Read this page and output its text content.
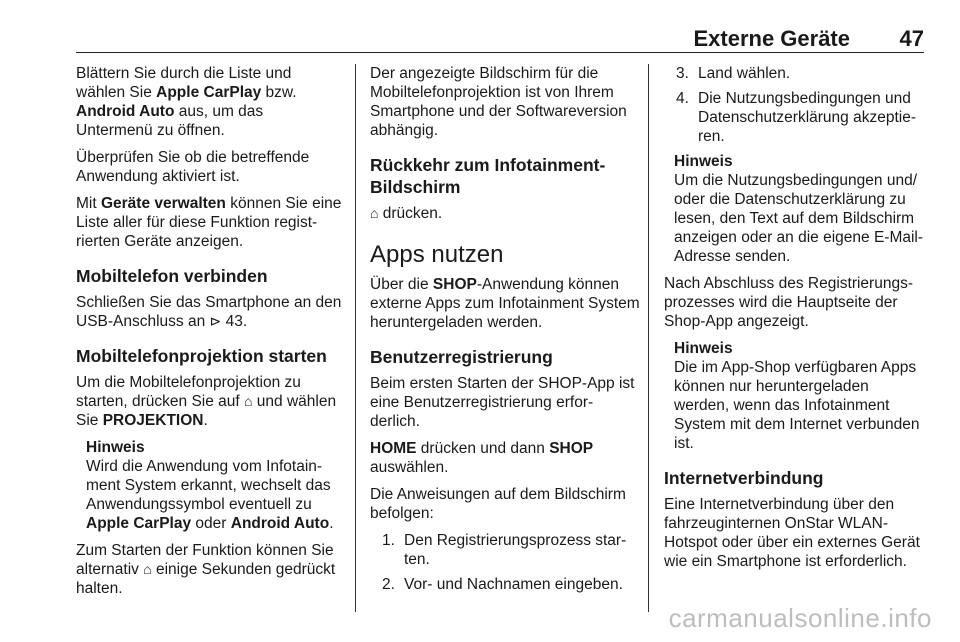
Externe Geräte 47

Blättern Sie durch die Liste und wählen Sie Apple CarPlay bzw. Android Auto aus, um das Untermenü zu öffnen.

Überprüfen Sie ob die betreffende Anwendung aktiviert ist.

Mit Geräte verwalten können Sie eine Liste aller für diese Funktion regist-rierten Geräte anzeigen.

Mobiltelefon verbinden

Schließen Sie das Smartphone an den USB-Anschluss an ⊳ 43.

Mobiltelefonprojektion starten

Um die Mobiltelefonprojektion zu starten, drücken Sie auf ⌂ und wählen Sie PROJEKTION.

Hinweis
Wird die Anwendung vom Infotain-ment System erkannt, wechselt das Anwendungssymbol eventuell zu Apple CarPlay oder Android Auto.

Zum Starten der Funktion können Sie alternativ ⌂ einige Sekunden gedrückt halten.

Der angezeigte Bildschirm für die Mobiltelefonprojektion ist von Ihrem Smartphone und der Softwareversion abhängig.

Rückkehr zum Infotainment-Bildschirm

⌂ drücken.

Apps nutzen

Über die SHOP-Anwendung können externe Apps zum Infotainment System heruntergeladen werden.

Benutzerregistrierung

Beim ersten Starten der SHOP-App ist eine Benutzerregistrierung erfor-derlich.

HOME drücken und dann SHOP auswählen.

Die Anweisungen auf dem Bildschirm befolgen:

1. Den Registrierungsprozess star-ten.
2. Vor- und Nachnamen eingeben.
3. Land wählen.
4. Die Nutzungsbedingungen und Datenschutzerklärung akzeptie-ren.
Hinweis
Um die Nutzungsbedingungen und/ oder die Datenschutzerklärung zu lesen, den Text auf dem Bildschirm anzeigen oder an die eigene E-Mail-Adresse senden.

Nach Abschluss des Registrierungs-prozesses wird die Hauptseite der Shop-App angezeigt.

Hinweis
Die im App-Shop verfügbaren Apps können nur heruntergeladen werden, wenn das Infotainment System mit dem Internet verbunden ist.
Internetverbindung

Eine Internetverbindung über den fahrzeuginternen OnStar WLAN-Hotspot oder über ein externes Gerät wie ein Smartphone ist erforderlich.

carmanualsonline.info
